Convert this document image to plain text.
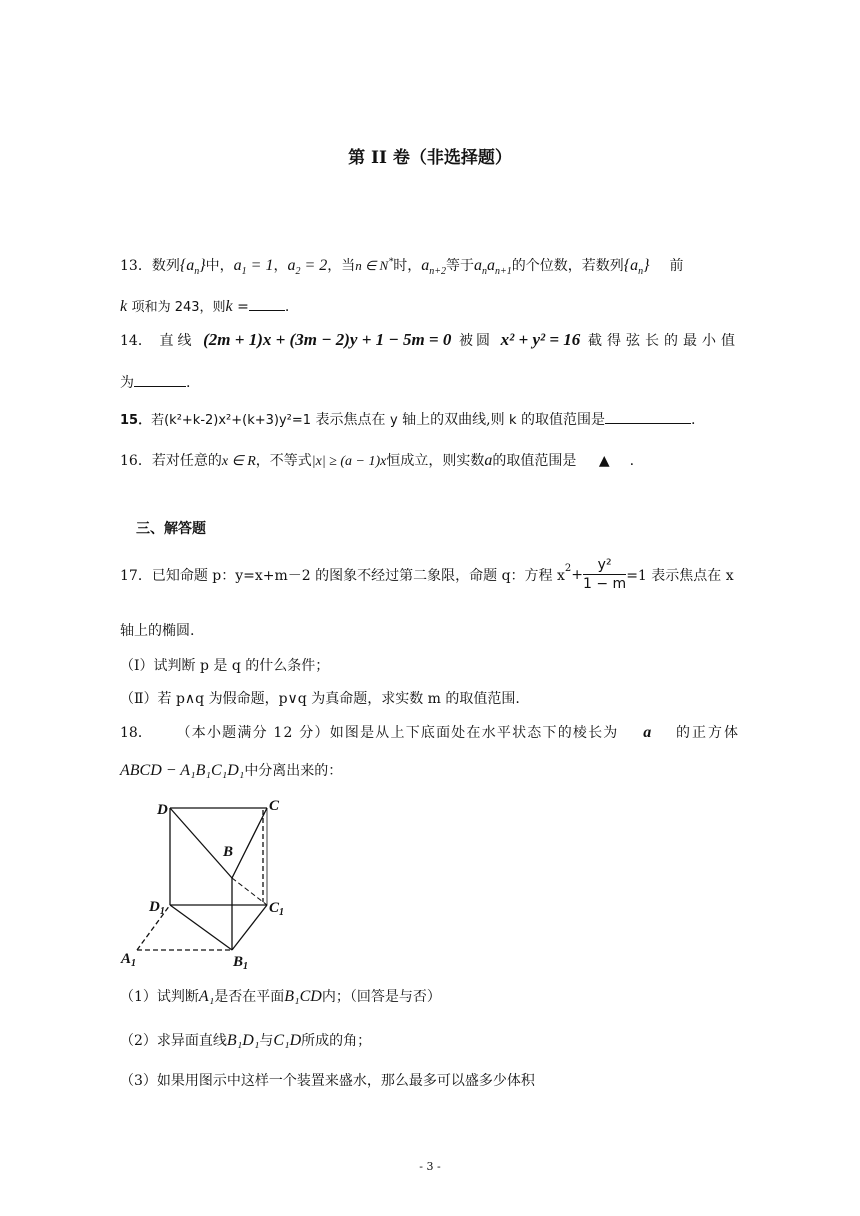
第 II 卷（非选择题）
13．数列$\{a_n\}$中，$a_1 = 1$，$a_2 = 2$，当n ∈ N*时，$a_{n+2}$等于$a_na_{n+1}$的个位数，若数列$\{a_n\}$ 前
k 项和为 243，则k =	.
14． 直线 (2m + 1)x + (3m − 2)y + 1 − 5m = 0 被圆 x² + y² = 16 截得弦长的最小值
为	.
15．若(k²+k-2)x²+(k+3)y²=1 表示焦点在 y 轴上的双曲线,则 k 的取值范围是	.
16．若对任意的x ∈ R，不等式|x| ≥ (a − 1)x恒成立，则实数a的取值范围是 ▲ .
三、解答题
17． 已知命题 p：y=x+m－2 的图象不经过第二象限，命题 q：方程 $x^2 + \frac{\text{y²}}{1 - m} =1$ 表示焦点在 x
轴上的椭圆.
（Ⅰ）试判断 p 是 q 的什么条件；
（Ⅱ）若 p∧q 为假命题，p∨q 为真命题，求实数 m 的取值范围.
18． （本小题满分 12 分）如图是从上下底面处在水平状态下的棱长为 a 的正方体
ABCD − A₁B₁C₁D₁中分离出来的：
D	C
B
$D_1$	$C_1$
$A_1$	$B_1$
（1）试判断A₁是否在平面B₁CD内；（回答是与否）
（2）求异面直线B₁D₁与C₁D所成的角；
（3）如果用图示中这样一个装置来盛水，那么最多可以盛多少体积
- 3 -
